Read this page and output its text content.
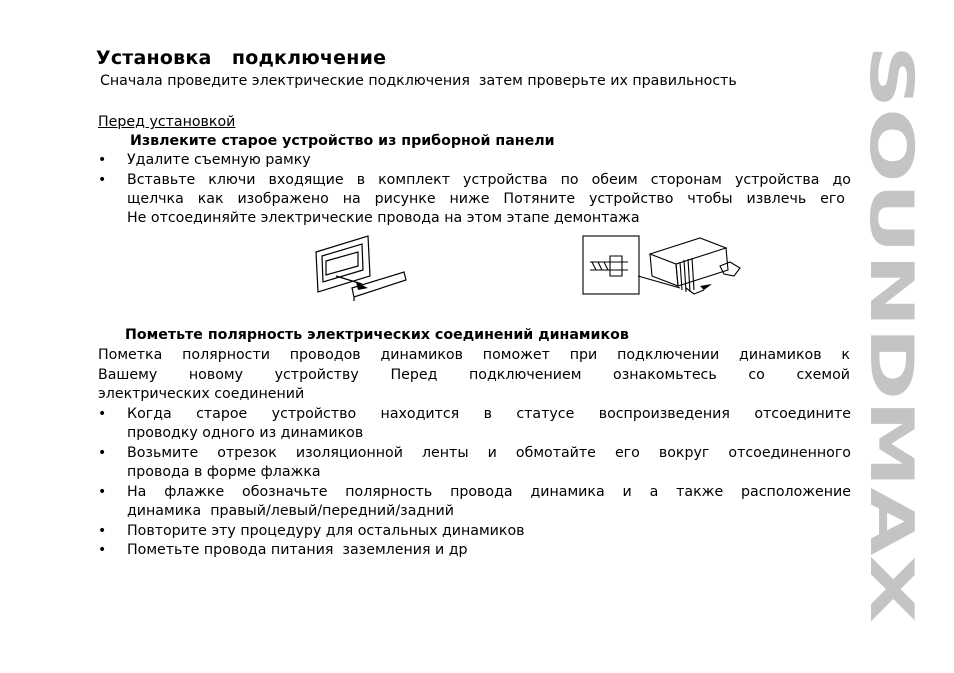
Установка   подключение
Сначала проведите электрические подключения  затем проверьте их правильность
Перед установкой
Извлеките старое устройство из приборной панели
• Удалите съемную рамку
• Вставьте ключи входящие в комплект устройства по обеим сторонам устройства до
щелчка как изображено на рисунке ниже Потяните устройство чтобы извлечь его
Не отсоединяйте электрические провода на этом этапе демонтажа
Пометьте полярность электрических соединений динамиков
Пометка полярности проводов динамиков поможет при подключении динамиков к
Вашему новому устройству Перед подключением ознакомьтесь со схемой
электрических соединений
• Когда старое устройство находится в статусе воспроизведения отсоедините
проводку одного из динамиков
• Возьмите отрезок изоляционной ленты и обмотайте его вокруг отсоединенного
провода в форме флажка
• На флажке обозначьте полярность провода динамика и а также расположение
динамика  правый/левый/передний/задний
• Повторите эту процедуру для остальных динамиков
• Пометьте провода питания  заземления и др
SOUNDMAX
